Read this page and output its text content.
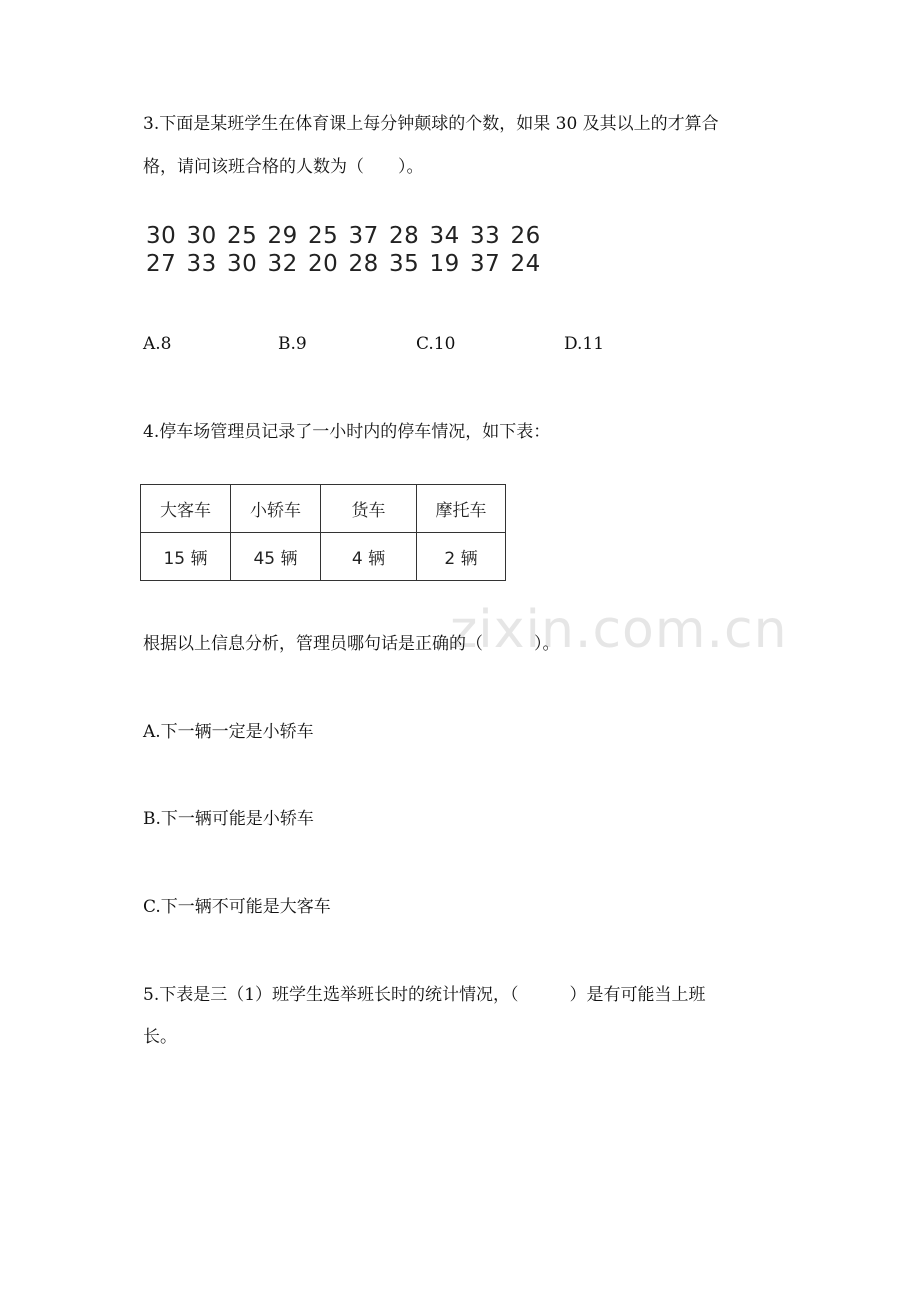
3.下面是某班学生在体育课上每分钟颠球的个数，如果 30 及其以上的才算合
格，请问该班合格的人数为（　　）。
30 30 25 29 25 37 28 34 33 26
27 33 30 32 20 28 35 19 37 24
A.8	B.9	C.10	D.11
4.停车场管理员记录了一小时内的停车情况，如下表：
大客车	小轿车	货车	摩托车
15 辆	45 辆	4 辆	2 辆
zixin.com.cn
根据以上信息分析，管理员哪句话是正确的（　　　）。
A.下一辆一定是小轿车
B.下一辆可能是小轿车
C.下一辆不可能是大客车
5.下表是三（1）班学生选举班长时的统计情况，（　　　）是有可能当上班
长。
